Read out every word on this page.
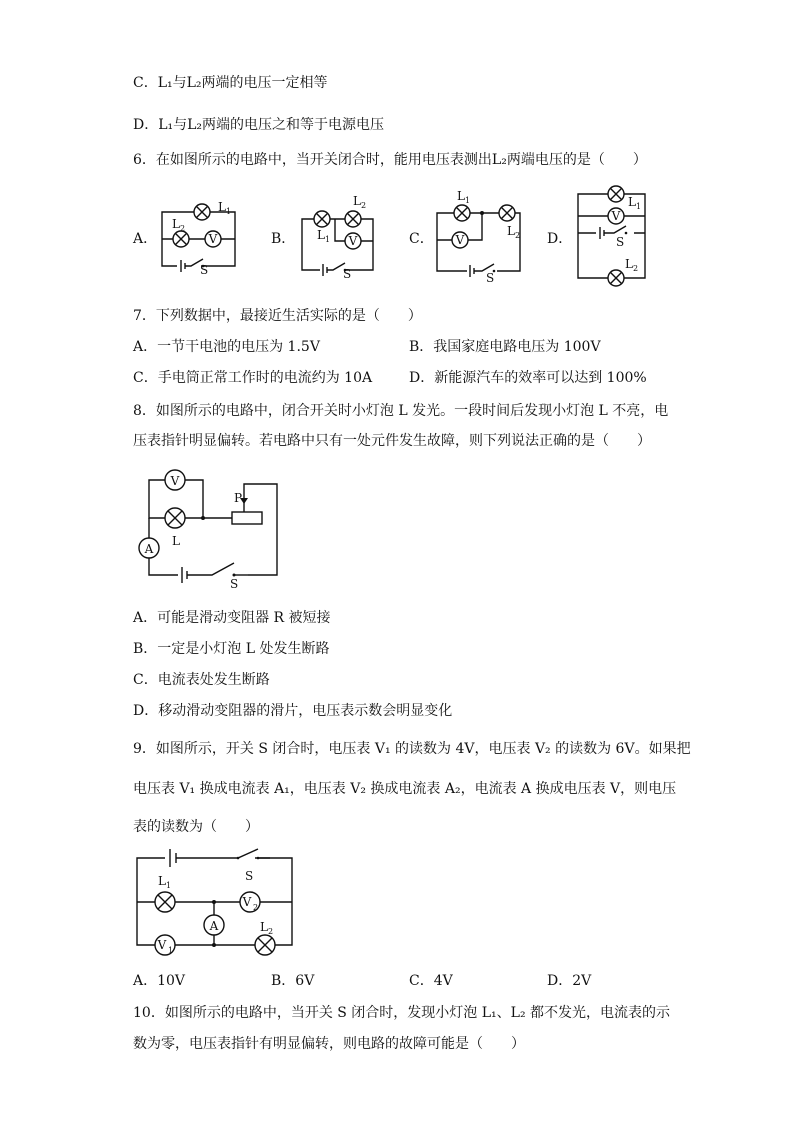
C．L₁与L₂两端的电压一定相等
D．L₁与L₂两端的电压之和等于电源电压
6．在如图所示的电路中，当开关闭合时，能用电压表测出L₂两端电压的是（　　）
A．	B．	C．	D．
V
$L_1$
$L_2$
S
V
$L_2$
$L_1$
S
V
$L_1$
$L_2$
S
V
$L_1$
$L_2$
S
7．下列数据中，最接近生活实际的是（　　）
A．一节干电池的电压为 1.5V	B．我国家庭电路电压为 100V
C．手电筒正常工作时的电流约为 10A	D．新能源汽车的效率可以达到 100%
8．如图所示的电路中，闭合开关时小灯泡 L 发光。一段时间后发现小灯泡 L 不亮，电
压表指针明显偏转。若电路中只有一处元件发生故障，则下列说法正确的是（　　）
V
A
L
P
S
A．可能是滑动变阻器 R 被短接
B．一定是小灯泡 L 处发生断路
C．电流表处发生断路
D．移动滑动变阻器的滑片，电压表示数会明显变化
9．如图所示，开关 S 闭合时，电压表 V₁ 的读数为 4V，电压表 V₂ 的读数为 6V。如果把
电压表 V₁ 换成电流表 A₁，电压表 V₂ 换成电流表 A₂，电流表 A 换成电压表 V，则电压
表的读数为（　　）
V 2
A
V 1
$L_1$
$L_2$
S
A．10V	B．6V	C．4V	D．2V
10．如图所示的电路中，当开关 S 闭合时，发现小灯泡 L₁、L₂ 都不发光，电流表的示
数为零，电压表指针有明显偏转，则电路的故障可能是（　　）
